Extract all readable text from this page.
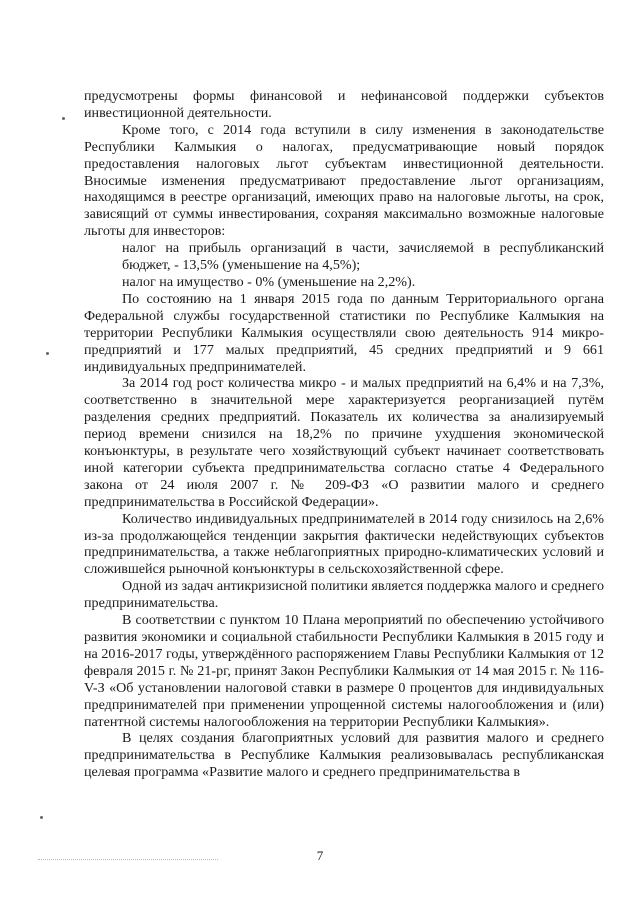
предусмотрены формы финансовой и нефинансовой поддержки субъектов инвестиционной деятельности.

Кроме того, с 2014 года вступили в силу изменения в законодательстве Республики Калмыкия о налогах, предусматривающие новый порядок предоставления налоговых льгот субъектам инвестиционной деятельности. Вносимые изменения предусматривают предоставление льгот организациям, находящимся в реестре организаций, имеющих право на налоговые льготы, на срок, зависящий от суммы инвестирования, сохраняя максимально возможные налоговые льготы для инвесторов:

налог на прибыль организаций в части, зачисляемой в республиканский бюджет, - 13,5% (уменьшение на 4,5%);

налог на имущество - 0% (уменьшение на 2,2%).

По состоянию на 1 января 2015 года по данным Территориального органа Федеральной службы государственной статистики по Республике Калмыкия на территории Республики Калмыкия осуществляли свою деятельность 914 микро-предприятий и 177 малых предприятий, 45 средних предприятий и 9 661 индивидуальных предпринимателей.

За 2014 год рост количества микро - и малых предприятий на 6,4% и на 7,3%, соответственно в значительной мере характеризуется реорганизацией путём разделения средних предприятий. Показатель их количества за анализируемый период времени снизился на 18,2% по причине ухудшения экономической конъюнктуры, в результате чего хозяйствующий субъект начинает соответствовать иной категории субъекта предпринимательства согласно статье 4 Федерального закона от 24 июля 2007 г. № 209-ФЗ «О развитии малого и среднего предпринимательства в Российской Федерации».

Количество индивидуальных предпринимателей в 2014 году снизилось на 2,6% из-за продолжающейся тенденции закрытия фактически недействующих субъектов предпринимательства, а также неблагоприятных природно-климатических условий и сложившейся рыночной конъюнктуры в сельскохозяйственной сфере.

Одной из задач антикризисной политики является поддержка малого и среднего предпринимательства.

В соответствии с пунктом 10 Плана мероприятий по обеспечению устойчивого развития экономики и социальной стабильности Республики Калмыкия в 2015 году и на 2016-2017 годы, утверждённого распоряжением Главы Республики Калмыкия от 12 февраля 2015 г. № 21-рг, принят Закон Республики Калмыкия от 14 мая 2015 г. № 116-V-З «Об установлении налоговой ставки в размере 0 процентов для индивидуальных предпринимателей при применении упрощенной системы налогообложения и (или) патентной системы налогообложения на территории Республики Калмыкия».

В целях создания благоприятных условий для развития малого и среднего предпринимательства в Республике Калмыкия реализовывалась республиканская целевая программа «Развитие малого и среднего предпринимательства в

7
